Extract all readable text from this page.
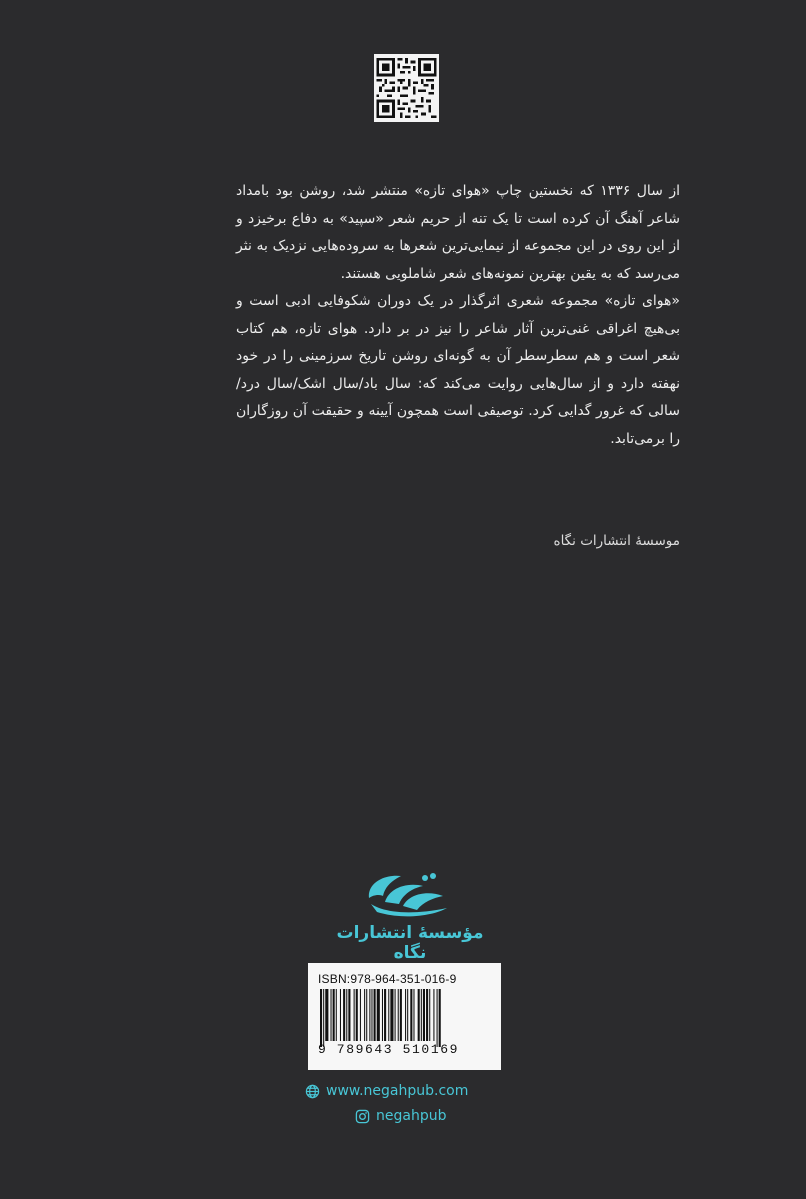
از سال ۱۳۳۶ که نخستین چاپ «هوای تازه» منتشر شد، روشن بود بامداد شاعر آهنگ آن کرده است تا یک تنه از حریم شعر «سپید» به دفاع برخیزد و از این روی در این مجموعه از نیمایی‌ترین شعرها به سروده‌هایی نزدیک به نثر می‌رسد که به یقین بهترین نمونه‌های شعر شاملویی هستند.

«هوای تازه» مجموعه شعری اثرگذار در یک دوران شکوفایی ادبی است و بی‌هیچ اغراقی غنی‌ترین آثار شاعر را نیز در بر دارد. هوای تازه، هم کتاب شعر است و هم سطرسطر آن به گونه‌ای روشن تاریخ سرزمینی را در خود نهفته دارد و از سال‌هایی روایت می‌کند که: سال باد/سال اشک/سال درد/سالی که غرور گدایی کرد. توصیفی است همچون آیینه و حقیقت آن روزگاران را برمی‌تابد.

موسسهٔ انتشارات نگاه
مؤسسهٔ انتشارات نگاه
ISBN:978-964-351-016-9
9 789643 510169
www.negahpub.com
negahpub
